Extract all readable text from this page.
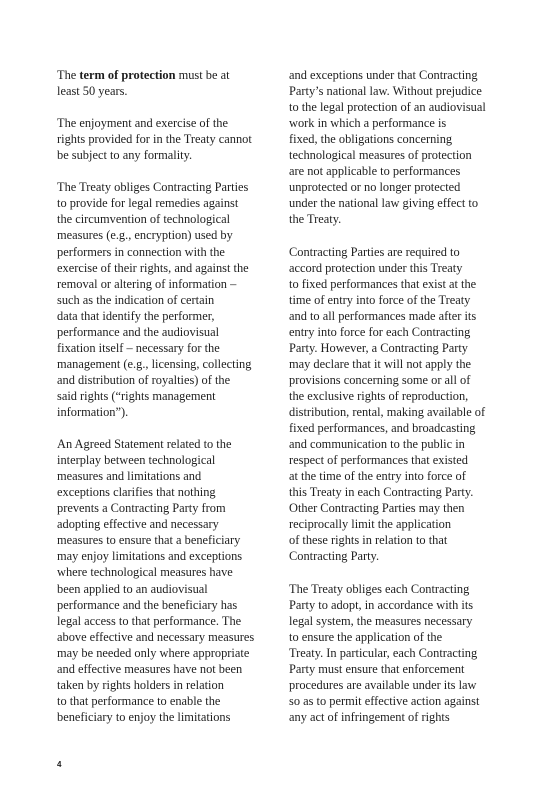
The term of protection must be at
least 50 years.
The enjoyment and exercise of the
rights provided for in the Treaty cannot
be subject to any formality.
The Treaty obliges Contracting Parties
to provide for legal remedies against
the circumvention of technological
measures (e.g., encryption) used by
performers in connection with the
exercise of their rights, and against the
removal or altering of information –
such as the indication of certain
data that identify the performer,
performance and the audiovisual
fixation itself – necessary for the
management (e.g., licensing, collecting
and distribution of royalties) of the
said rights (“rights management
information”).
An Agreed Statement related to the
interplay between technological
measures and limitations and
exceptions clarifies that nothing
prevents a Contracting Party from
adopting effective and necessary
measures to ensure that a beneficiary
may enjoy limitations and exceptions
where technological measures have
been applied to an audiovisual
performance and the beneficiary has
legal access to that performance. The
above effective and necessary measures
may be needed only where appropriate
and effective measures have not been
taken by rights holders in relation
to that performance to enable the
beneficiary to enjoy the limitations
and exceptions under that Contracting
Party’s national law. Without prejudice
to the legal protection of an audiovisual
work in which a performance is
fixed, the obligations concerning
technological measures of protection
are not applicable to performances
unprotected or no longer protected
under the national law giving effect to
the Treaty.
Contracting Parties are required to
accord protection under this Treaty
to fixed performances that exist at the
time of entry into force of the Treaty
and to all performances made after its
entry into force for each Contracting
Party. However, a Contracting Party
may declare that it will not apply the
provisions concerning some or all of
the exclusive rights of reproduction,
distribution, rental, making available of
fixed performances, and broadcasting
and communication to the public in
respect of performances that existed
at the time of the entry into force of
this Treaty in each Contracting Party.
Other Contracting Parties may then
reciprocally limit the application
of these rights in relation to that
Contracting Party.
The Treaty obliges each Contracting
Party to adopt, in accordance with its
legal system, the measures necessary
to ensure the application of the
Treaty. In particular, each Contracting
Party must ensure that enforcement
procedures are available under its law
so as to permit effective action against
any act of infringement of rights
4
